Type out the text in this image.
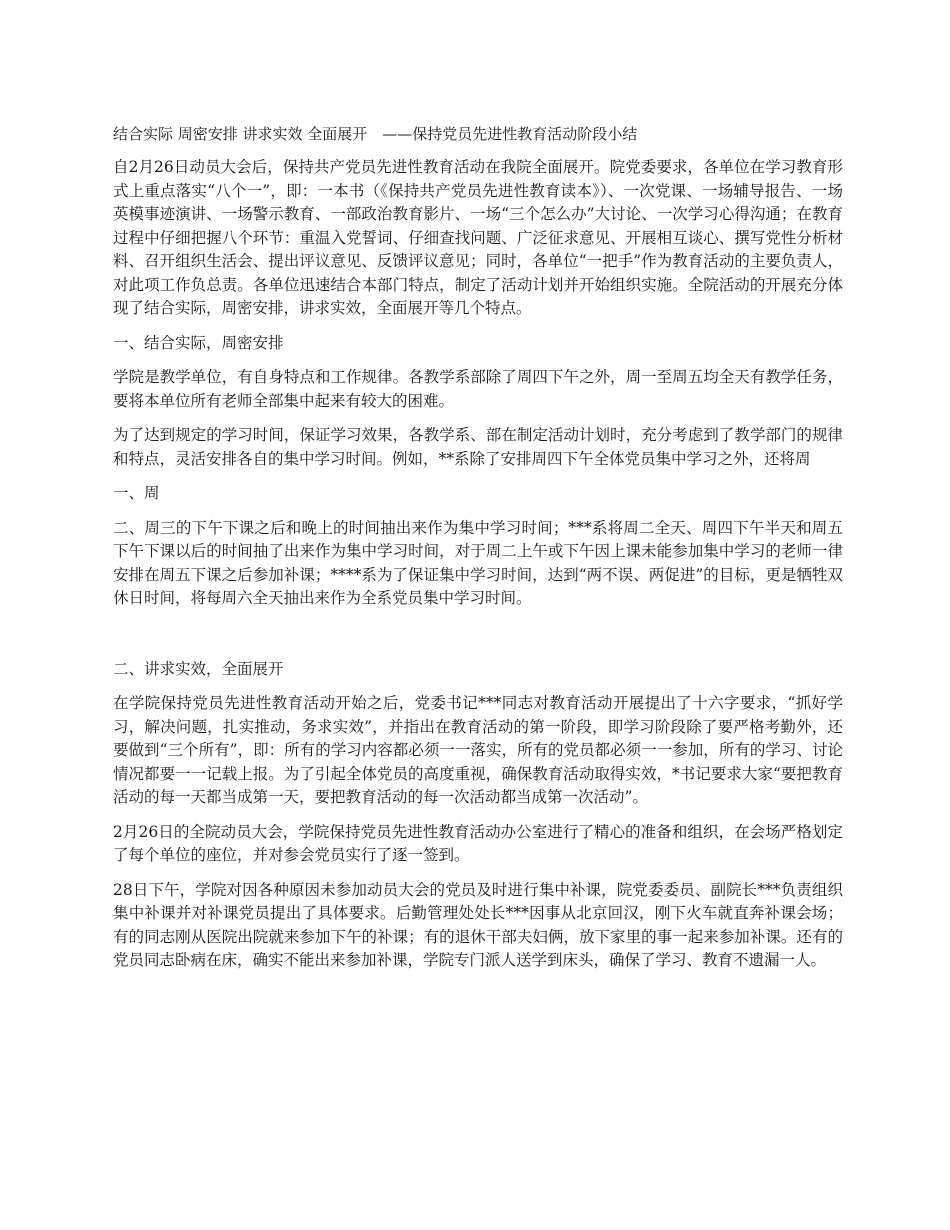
结合实际 周密安排 讲求实效 全面展开　——保持党员先进性教育活动阶段小结

自2月26日动员大会后，保持共产党员先进性教育活动在我院全面展开。院党委要求，各单位在学习教育形式上重点落实“八个一”，即：一本书（《保持共产党员先进性教育读本》）、一次党课、一场辅导报告、一场英模事迹演讲、一场警示教育、一部政治教育影片、一场“三个怎么办”大讨论、一次学习心得沟通；在教育过程中仔细把握八个环节：重温入党誓词、仔细查找问题、广泛征求意见、开展相互谈心、撰写党性分析材料、召开组织生活会、提出评议意见、反馈评议意见；同时，各单位“一把手”作为教育活动的主要负责人，对此项工作负总责。各单位迅速结合本部门特点，制定了活动计划并开始组织实施。全院活动的开展充分体现了结合实际，周密安排，讲求实效，全面展开等几个特点。

一、结合实际，周密安排

学院是教学单位，有自身特点和工作规律。各教学系部除了周四下午之外，周一至周五均全天有教学任务，要将本单位所有老师全部集中起来有较大的困难。

为了达到规定的学习时间，保证学习效果，各教学系、部在制定活动计划时，充分考虑到了教学部门的规律和特点，灵活安排各自的集中学习时间。例如，**系除了安排周四下午全体党员集中学习之外，还将周

一、周

二、周三的下午下课之后和晚上的时间抽出来作为集中学习时间；***系将周二全天、周四下午半天和周五下午下课以后的时间抽了出来作为集中学习时间，对于周二上午或下午因上课未能参加集中学习的老师一律安排在周五下课之后参加补课；****系为了保证集中学习时间，达到“两不误、两促进”的目标，更是牺牲双休日时间，将每周六全天抽出来作为全系党员集中学习时间。

二、讲求实效，全面展开

在学院保持党员先进性教育活动开始之后，党委书记***同志对教育活动开展提出了十六字要求，“抓好学习，解决问题，扎实推动，务求实效”，并指出在教育活动的第一阶段，即学习阶段除了要严格考勤外，还要做到“三个所有”，即：所有的学习内容都必须一一落实，所有的党员都必须一一参加，所有的学习、讨论情况都要一一记载上报。为了引起全体党员的高度重视，确保教育活动取得实效，*书记要求大家“要把教育活动的每一天都当成第一天，要把教育活动的每一次活动都当成第一次活动”。

2月26日的全院动员大会，学院保持党员先进性教育活动办公室进行了精心的准备和组织，在会场严格划定了每个单位的座位，并对参会党员实行了逐一签到。

28日下午，学院对因各种原因未参加动员大会的党员及时进行集中补课，院党委委员、副院长***负责组织集中补课并对补课党员提出了具体要求。后勤管理处处长***因事从北京回汉，刚下火车就直奔补课会场；有的同志刚从医院出院就来参加下午的补课；有的退休干部夫妇俩，放下家里的事一起来参加补课。还有的党员同志卧病在床，确实不能出来参加补课，学院专门派人送学到床头，确保了学习、教育不遗漏一人。
